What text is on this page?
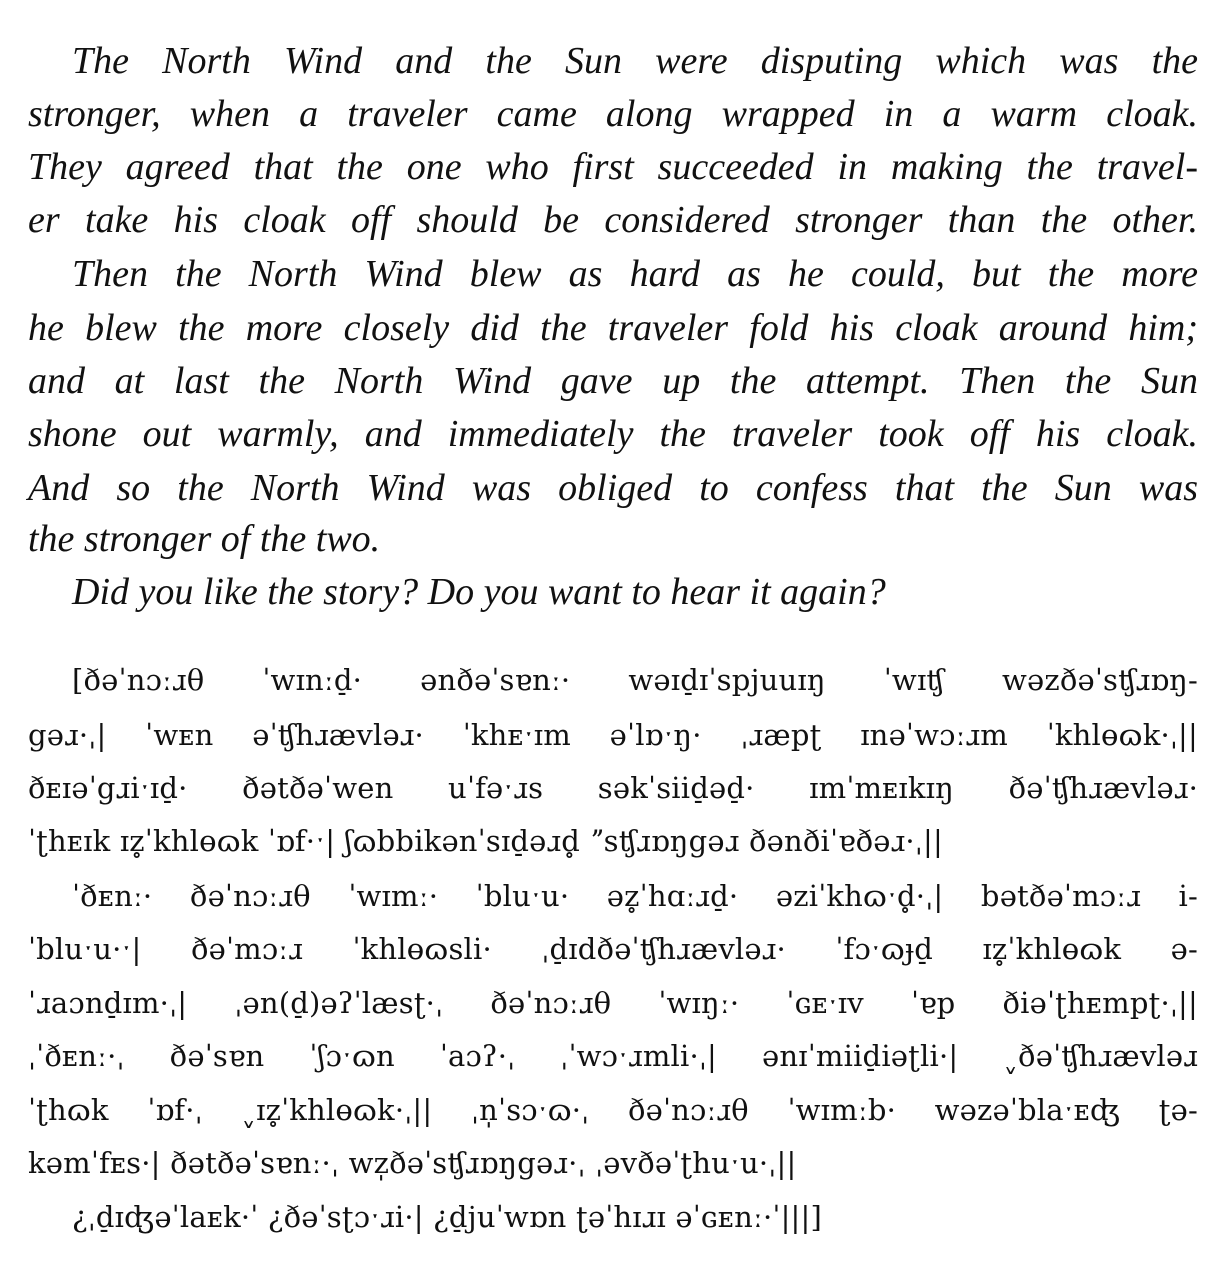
The North Wind and the Sun were disputing which was the
stronger, when a traveler came along wrapped in a warm cloak.
They agreed that the one who first succeeded in making the travel-
er take his cloak off should be considered stronger than the other.
Then the North Wind blew as hard as he could, but the more
he blew the more closely did the traveler fold his cloak around him;
and at last the North Wind gave up the attempt. Then the Sun
shone out warmly, and immediately the traveler took off his cloak.
And so the North Wind was obliged to confess that the Sun was
the stronger of the two.
Did you like the story? Do you want to hear it again?
[ðəˈnɔːɹθ ˈwɪnːd̠· ənðəˈsɐnː· wəɪd̠ɪˈspjuuɪŋ ˈwɪʧ wəzðəˈsʧɹɒŋ-
gəɹ·ˌ| ˈwᴇn əˈʧhɹævləɹ· ˈkhᴇˑɪm əˈlɒˑŋ· ˌɹæpʈ ɪnəˈwɔːɹm ˈkhlɵɷk·ˌ||
ðᴇɪəˈgɹiˑɪd̠· ðətðəˈwen uˈfəˑɹs səkˈsiid̠əd̠· ɪmˈmᴇɪkɪŋ ðəˈʧhɹævləɹ·
ˈʈhᴇɪk ɪz̥ˈkhlɵɷk ˈɒf·ˑ| ʃɷbbikənˈsɪd̠əɹd̥ ˮsʧɹɒŋgəɹ ðənðiˈɐðəɹ·ˌ||
ˈðᴇnː· ðəˈnɔːɹθ ˈwɪmː· ˈbluˑu· əz̥ˈhɑːɹd̠· əziˈkhɷˑd̥·ˌ| bətðəˈmɔːɹ i-
ˈbluˑu·ˑ| ðəˈmɔːɹ ˈkhlɵɷsli· ˌd̠ɪdðəˈʧhɹævləɹ· ˈfɔˑɷɟd̠ ɪz̥ˈkhlɵɷk ə-
ˈɹaɔnd̠ɪm·ˌ| ˌən(d̠)əʔˈlæsʈ·ˌ ðəˈnɔːɹθ ˈwɪŋː· ˈɢᴇˑɪv ˈɐp ðiəˈʈhᴇmpʈ·ˌ||
ˌˈðᴇnː·ˌ ðəˈsɐn ˈʃɔˑɷn ˈaɔʔ·ˌ ˌˈwɔˑɹmli·ˌ| ənɪˈmiid̠iəʈli·| ˬðəˈʧhɹævləɹ
ˈʈhɷk ˈɒf·ˌ ˬɪz̥ˈkhlɵɷk·ˌ|| ˌn̩ˈsɔˑɷ·ˌ ðəˈnɔːɹθ ˈwɪmːb· wəzəˈblaˑᴇʤ ʈə-
kəmˈfᴇs·| ðətðəˈsɐnː·ˌ wz̩ðəˈsʧɹɒŋgəɹ·ˌ ˌəvðəˈʈhuˑu·ˌ||
¿ˌd̠ɪʤəˈlaᴇk·ˈ ¿ðəˈsʈɔˑɹi·| ¿d̠juˈwɒn ʈəˈhɪɹɪ əˈɢᴇnː·ˈ|||]
